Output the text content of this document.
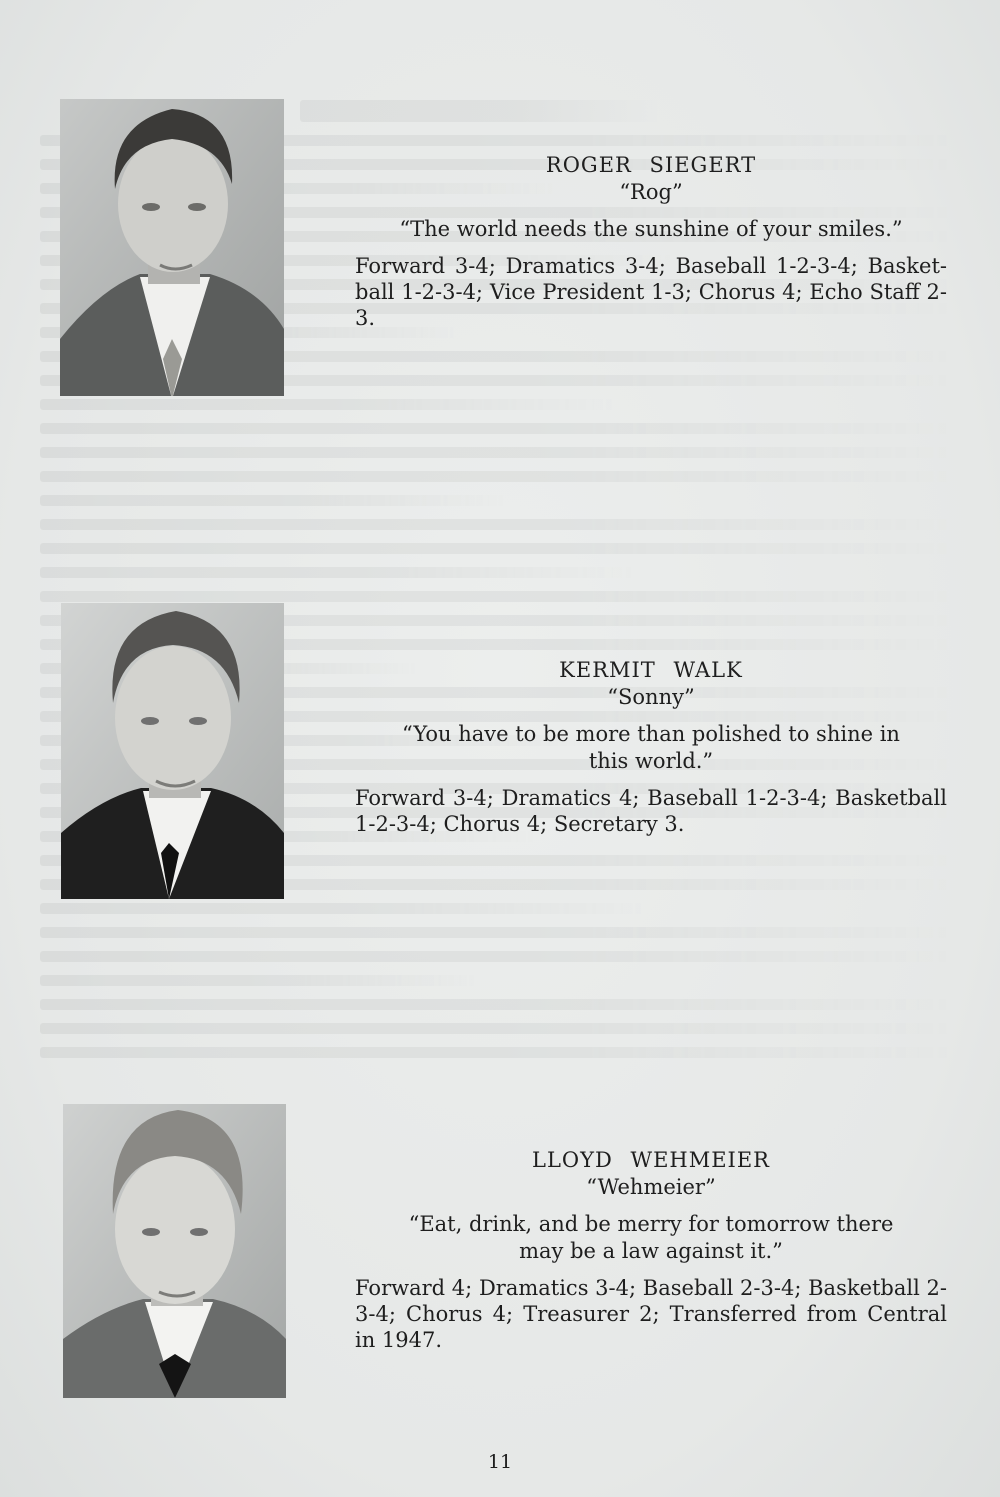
ROGER SIEGERT
“Rog”
“The world needs the sunshine of your smiles.”
Forward 3-4; Dramatics 3-4; Baseball 1-2-3-4; Basket-ball 1-2-3-4; Vice President 1-3; Chorus 4; Echo Staff 2-3.
KERMIT WALK
“Sonny”
“You have to be more than polished to shine in this world.”
Forward 3-4; Dramatics 4; Baseball 1-2-3-4; Basketball 1-2-3-4; Chorus 4; Secretary 3.
LLOYD WEHMEIER
“Wehmeier”
“Eat, drink, and be merry for tomorrow there may be a law against it.”
Forward 4; Dramatics 3-4; Baseball 2-3-4; Basketball 2-3-4; Chorus 4; Treasurer 2; Transferred from Central in 1947.
11
